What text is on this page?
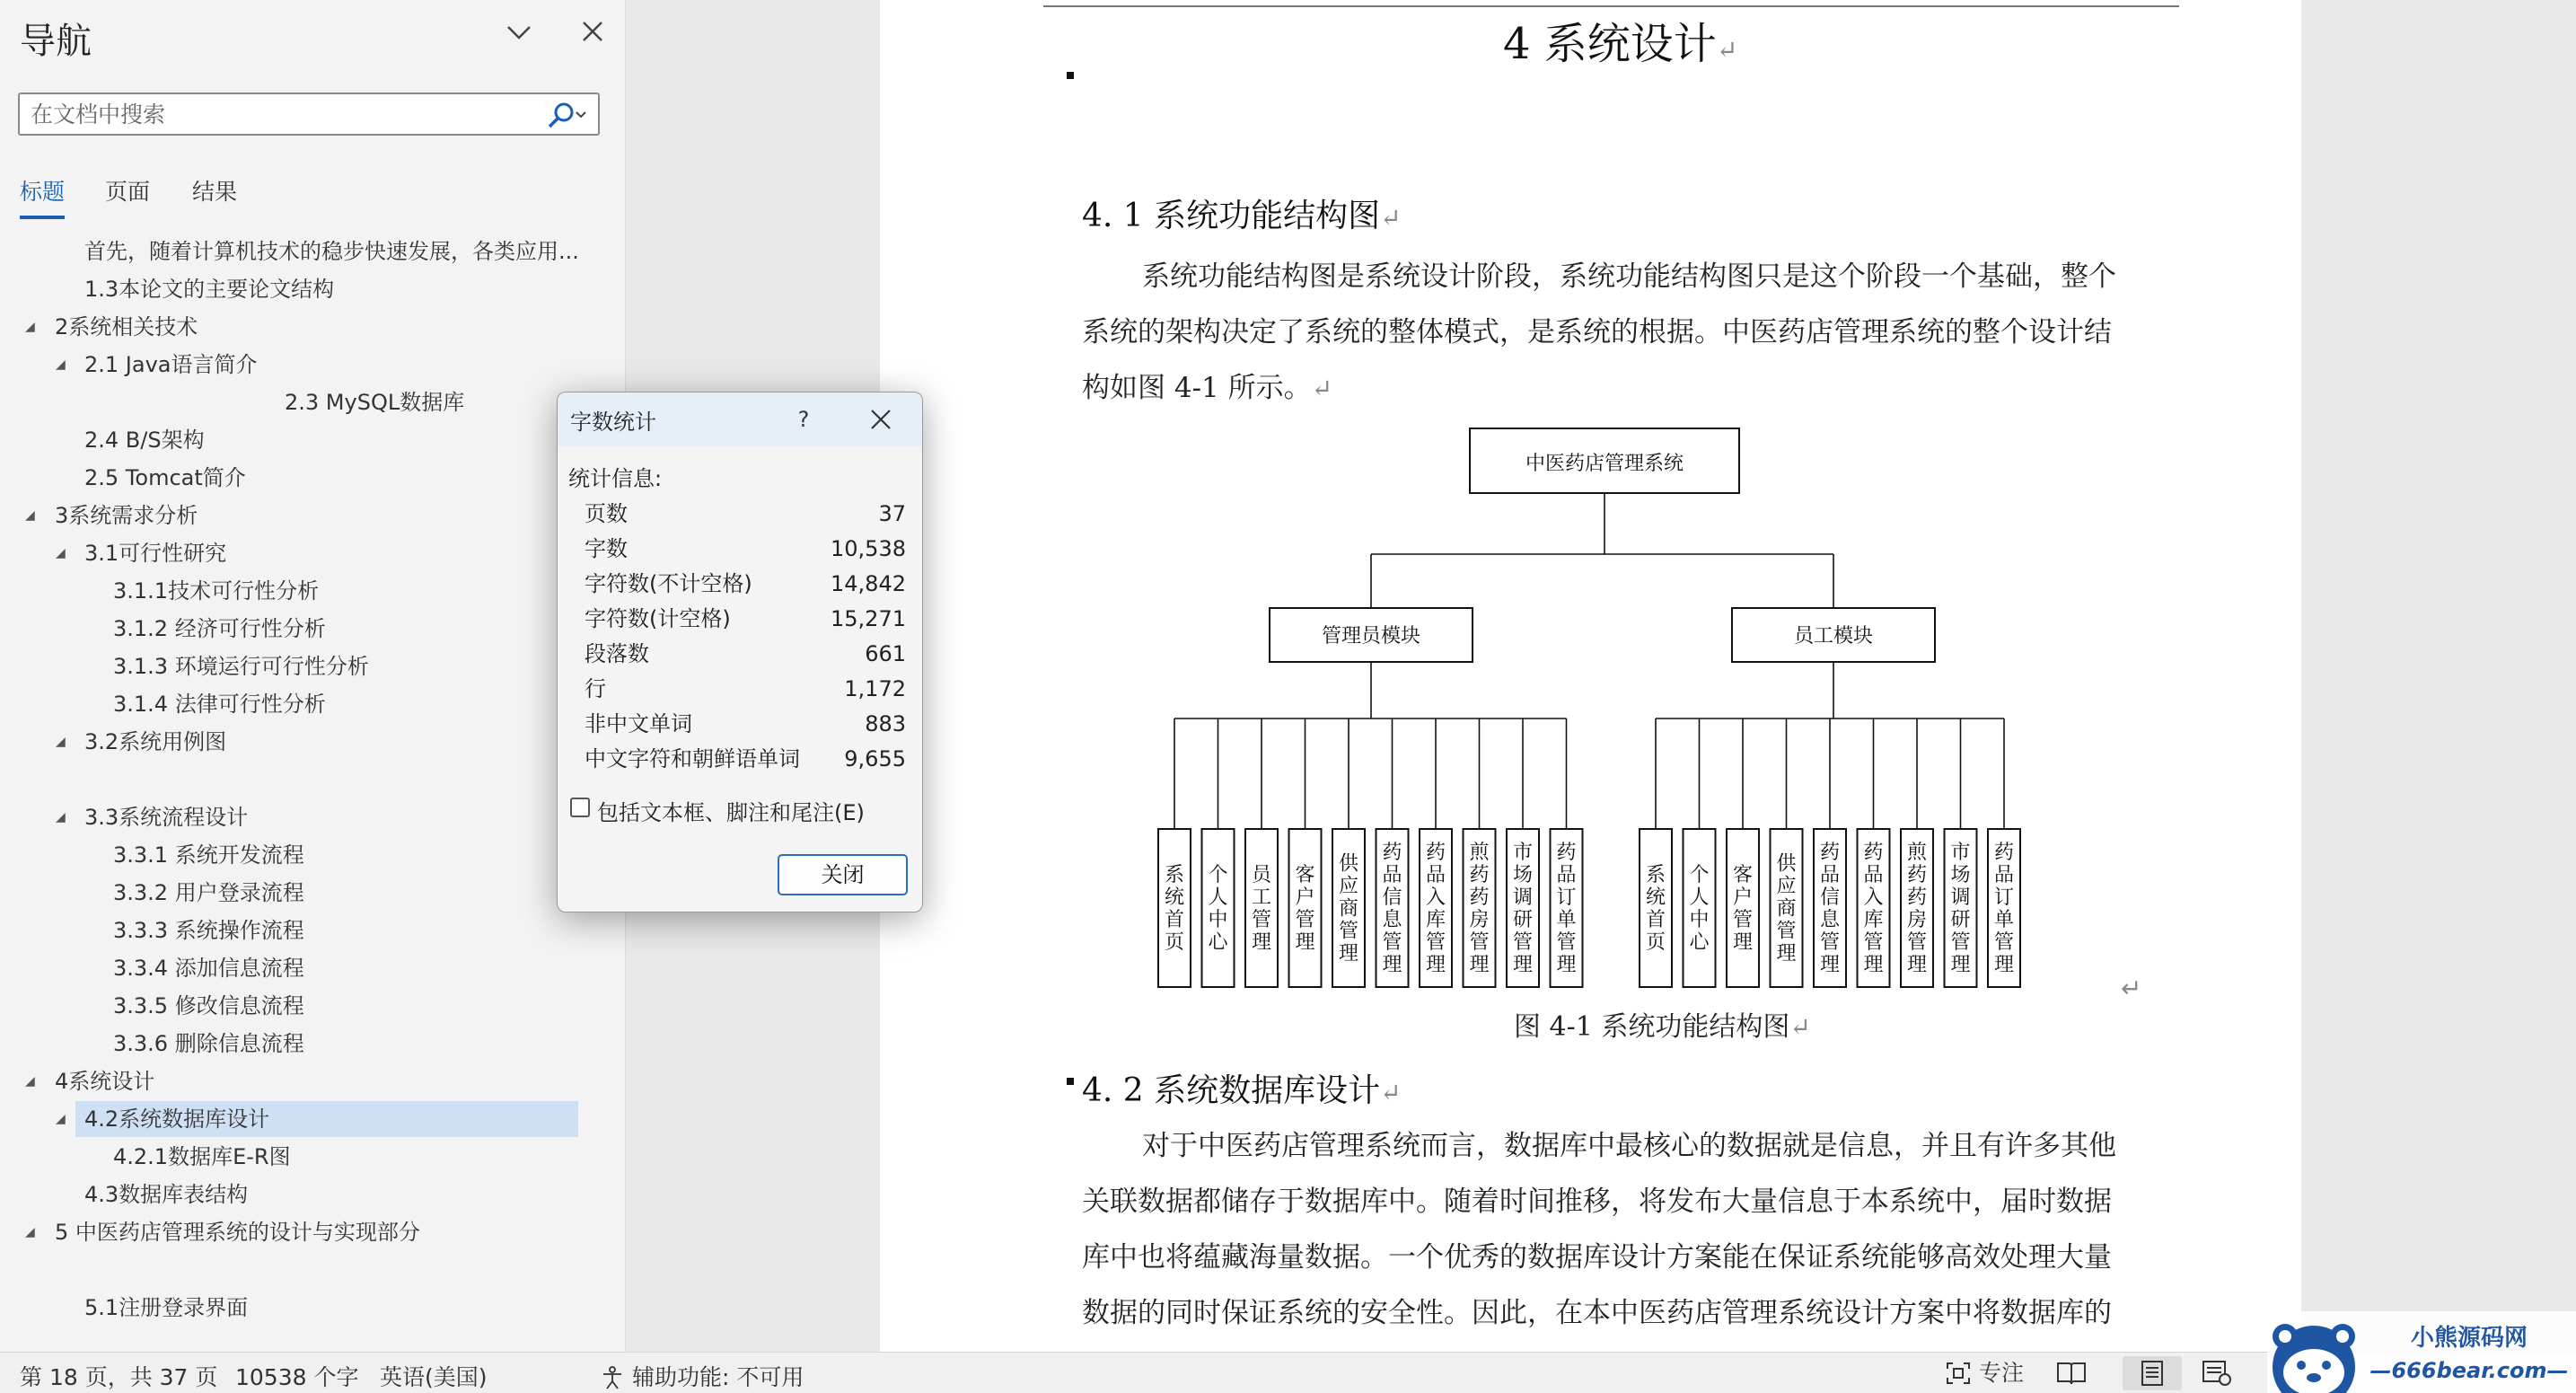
导航
在文档中搜索
标题 页面 结果
首先，随着计算机技术的稳步快速发展，各类应用...
1.3本论文的主要论文结构
◢ 2系统相关技术
◢ 2.1 Java语言简介
2.3 MySQL数据库
2.4 B/S架构
2.5 Tomcat简介
◢ 3系统需求分析
◢ 3.1可行性研究
3.1.1技术可行性分析
3.1.2 经济可行性分析
3.1.3 环境运行可行性分析
3.1.4 法律可行性分析
◢ 3.2系统用例图
◢ 3.3系统流程设计
3.3.1 系统开发流程
3.3.2 用户登录流程
3.3.3 系统操作流程
3.3.4 添加信息流程
3.3.5 修改信息流程
3.3.6 删除信息流程
◢ 4系统设计
4.2系统数据库设计
◢
4.2.1数据库E-R图
4.3数据库表结构
◢ 5 中医药店管理系统的设计与实现部分
5.1注册登录界面
4 系统设计↵
4. 1 系统功能结构图↵
系统功能结构图是系统设计阶段，系统功能结构图只是这个阶段一个基础，整个
系统的架构决定了系统的整体模式，是系统的根据。中医药店管理系统的整个设计结
构如图 4-1 所示。↵
中医药店管理系统
管理员模块
系统首页
个人中心
员工管理
客户管理
供应商管理
药品信息管理
药品入库管理
煎药药房管理
市场调研管理
药品订单管理
员工模块
系统首页
个人中心
客户管理
供应商管理
药品信息管理
药品入库管理
煎药药房管理
市场调研管理
药品订单管理
↵
图 4-1 系统功能结构图↵
4. 2 系统数据库设计↵
对于中医药店管理系统而言，数据库中最核心的数据就是信息，并且有许多其他
关联数据都储存于数据库中。随着时间推移，将发布大量信息于本系统中，届时数据
库中也将蕴藏海量数据。一个优秀的数据库设计方案能在保证系统能够高效处理大量
数据的同时保证系统的安全性。因此，在本中医药店管理系统设计方案中将数据库的
字数统计	?
统计信息:
页数	37
字数	10,538
字符数(不计空格)	14,842
字符数(计空格)	15,271
段落数	661
行	1,172
非中文单词	883
中文字符和朝鲜语单词 9,655
包括文本框、脚注和尾注(E)
关闭
第 18 页，共 37 页 10538 个字 英语(美国)	辅助功能: 不可用	专注
小熊源码网
—666bear.com—
